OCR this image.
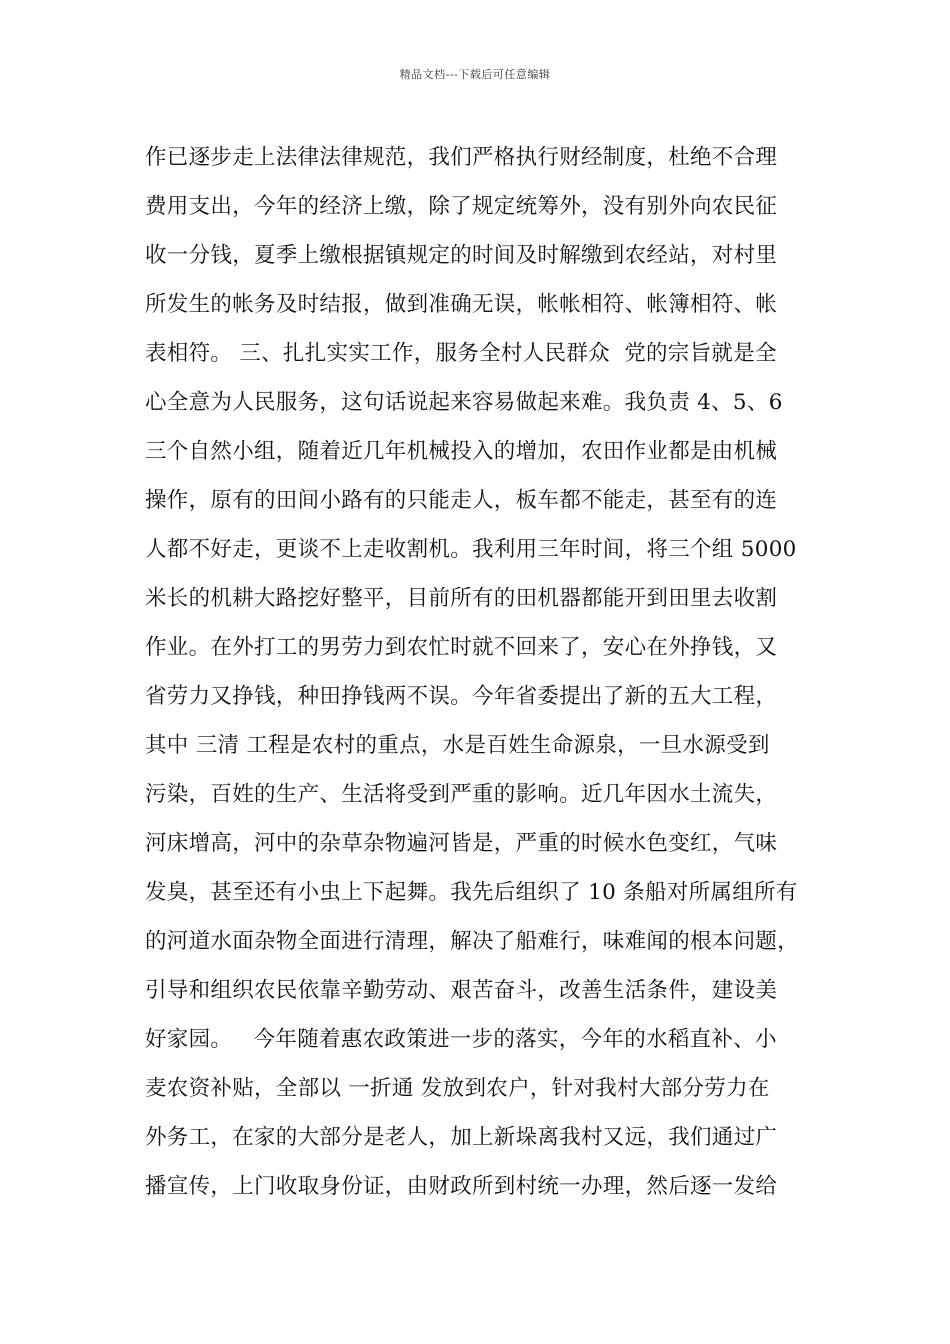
精品文档---下载后可任意编辑
作已逐步走上法律法律规范，我们严格执行财经制度，杜绝不合理
费用支出，今年的经济上缴，除了规定统筹外，没有别外向农民征
收一分钱，夏季上缴根据镇规定的时间及时解缴到农经站，对村里
所发生的帐务及时结报，做到准确无误，帐帐相符、帐簿相符、帐
表相符。 三、扎扎实实工作，服务全村人民群众  党的宗旨就是全
心全意为人民服务，这句话说起来容易做起来难。我负责 4、5、6
三个自然小组，随着近几年机械投入的增加，农田作业都是由机械
操作，原有的田间小路有的只能走人，板车都不能走，甚至有的连
人都不好走，更谈不上走收割机。我利用三年时间，将三个组 5000
米长的机耕大路挖好整平，目前所有的田机器都能开到田里去收割
作业。在外打工的男劳力到农忙时就不回来了，安心在外挣钱，又
省劳力又挣钱，种田挣钱两不误。今年省委提出了新的五大工程，
其中 三清 工程是农村的重点，水是百姓生命源泉，一旦水源受到
污染，百姓的生产、生活将受到严重的影响。近几年因水土流失，
河床增高，河中的杂草杂物遍河皆是，严重的时候水色变红，气味
发臭，甚至还有小虫上下起舞。我先后组织了 10 条船对所属组所有
的河道水面杂物全面进行清理，解决了船难行，味难闻的根本问题，
引导和组织农民依靠辛勤劳动、艰苦奋斗，改善生活条件，建设美
好家园。   今年随着惠农政策进一步的落实，今年的水稻直补、小
麦农资补贴，全部以 一折通 发放到农户，针对我村大部分劳力在
外务工，在家的大部分是老人，加上新垛离我村又远，我们通过广
播宣传，上门收取身份证，由财政所到村统一办理，然后逐一发给
